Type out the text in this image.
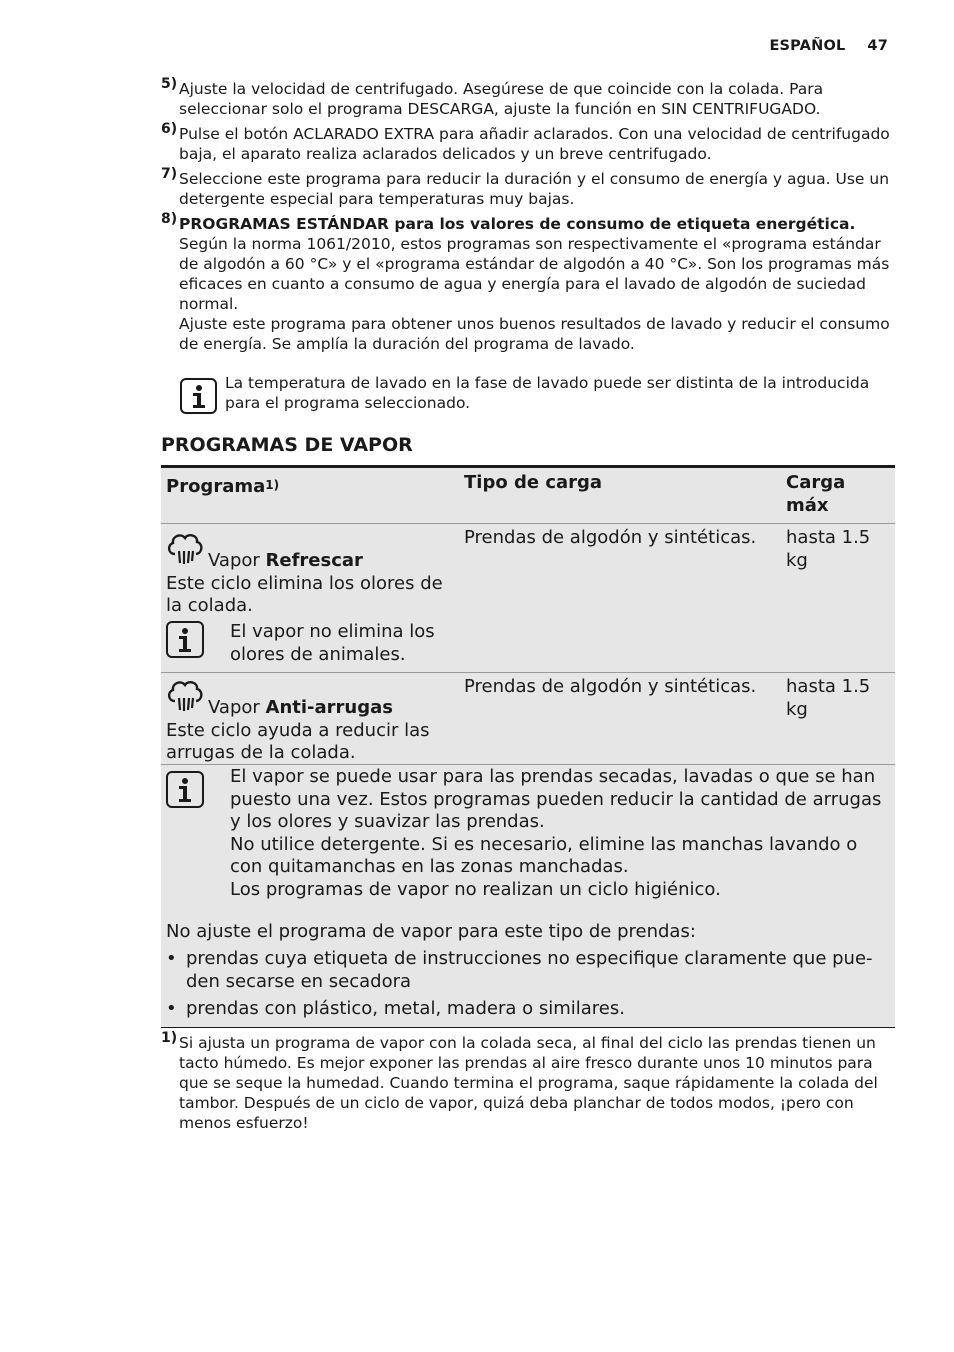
ESPAÑOL 47
5) Ajuste la velocidad de centrifugado. Asegúrese de que coincide con la colada. Para seleccionar solo el programa DESCARGA, ajuste la función en SIN CENTRIFUGADO.
6) Pulse el botón ACLARADO EXTRA para añadir aclarados. Con una velocidad de centrifugado baja, el aparato realiza aclarados delicados y un breve centrifugado.
7) Seleccione este programa para reducir la duración y el consumo de energía y agua. Use un detergente especial para temperaturas muy bajas.
8) PROGRAMAS ESTÁNDAR para los valores de consumo de etiqueta energética.
Según la norma 1061/2010, estos programas son respectivamente el «programa estándar de algodón a 60 °C» y el «programa estándar de algodón a 40 °C». Son los programas más eficaces en cuanto a consumo de agua y energía para el lavado de algodón de suciedad normal.
Ajuste este programa para obtener unos buenos resultados de lavado y reducir el consumo de energía. Se amplía la duración del programa de lavado.
La temperatura de lavado en la fase de lavado puede ser distinta de la introducida para el programa seleccionado.
PROGRAMAS DE VAPOR
Programa$^{1)}$	Tipo de carga	Carga
máx
Vapor Refrescar
Este ciclo elimina los olores de la colada.
El vapor no elimina los olores de animales.
Prendas de algodón y sintéticas.	hasta 1.5 kg
Vapor Anti-arrugas
Este ciclo ayuda a reducir las arrugas de la colada.
Prendas de algodón y sintéticas.	hasta 1.5 kg
El vapor se puede usar para las prendas secadas, lavadas o que se han puesto una vez. Estos programas pueden reducir la cantidad de arrugas y los olores y suavizar las prendas.
No utilice detergente. Si es necesario, elimine las manchas lavando o con quitamanchas en las zonas manchadas.
Los programas de vapor no realizan un ciclo higiénico.
No ajuste el programa de vapor para este tipo de prendas:
• prendas cuya etiqueta de instrucciones no especifique claramente que pue-den secarse en secadora
• prendas con plástico, metal, madera o similares.
1) Si ajusta un programa de vapor con la colada seca, al final del ciclo las prendas tienen un tacto húmedo. Es mejor exponer las prendas al aire fresco durante unos 10 minutos para que se seque la humedad. Cuando termina el programa, saque rápidamente la colada del tambor. Después de un ciclo de vapor, quizá deba planchar de todos modos, ¡pero con menos esfuerzo!
